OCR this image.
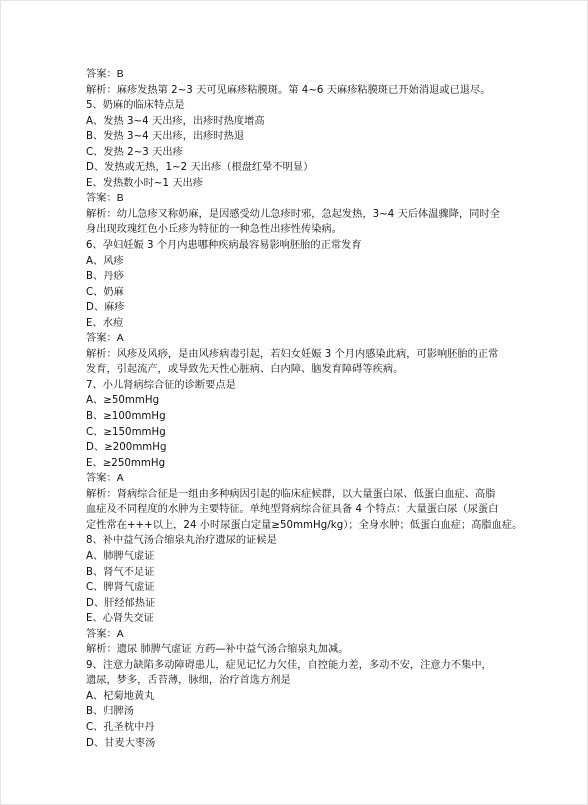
答案：B
解析：麻疹发热第 2~3 天可见麻疹粘膜斑。第 4~6 天麻疹粘膜斑已开始消退或已退尽。
5、奶麻的临床特点是
A、发热 3~4 天出疹，出疹时热度增高
B、发热 3~4 天出疹，出疹时热退
C、发热 2~3 天出疹
D、发热或无热，1~2 天出疹（根盘红晕不明显）
E、发热数小时~1 天出疹
答案：B
解析：幼儿急疹又称奶麻，是因感受幼儿急疹时邪，急起发热，3~4 天后体温骤降，同时全
身出现玫瑰红色小丘疹为特征的一种急性出疹性传染病。
6、孕妇妊娠 3 个月内患哪种疾病最容易影响胚胎的正常发育
A、风疹
B、丹痧
C、奶麻
D、麻疹
E、水痘
答案：A
解析：风疹及风痧，是由风疹病毒引起，若妇女妊娠 3 个月内感染此病，可影响胚胎的正常
发育，引起流产，或导致先天性心脏病、白内障、脑发育障碍等疾病。
7、小儿肾病综合征的诊断要点是
A、≥50mmHg
B、≥100mmHg
C、≥150mmHg
D、≥200mmHg
E、≥250mmHg
答案：A
解析：肾病综合征是一组由多种病因引起的临床症候群，以大量蛋白尿、低蛋白血症、高脂
血症及不同程度的水肿为主要特征。单纯型肾病综合征具备 4 个特点：大量蛋白尿（尿蛋白
定性常在+++以上，24 小时尿蛋白定量≥50mmHg/kg）；全身水肿；低蛋白血症；高脂血症。
8、补中益气汤合缩泉丸治疗遗尿的证候是
A、肺脾气虚证
B、肾气不足证
C、脾肾气虚证
D、肝经郁热证
E、心肾失交证
答案：A
解析：遗尿 肺脾气虚证 方药—补中益气汤合缩泉丸加减。
9、注意力缺陷多动障碍患儿，症见记忆力欠佳，自控能力差，多动不安，注意力不集中，
遗尿，梦多，舌苔薄，脉细，治疗首选方剂是
A、杞菊地黄丸
B、归脾汤
C、孔圣枕中丹
D、甘麦大枣汤
